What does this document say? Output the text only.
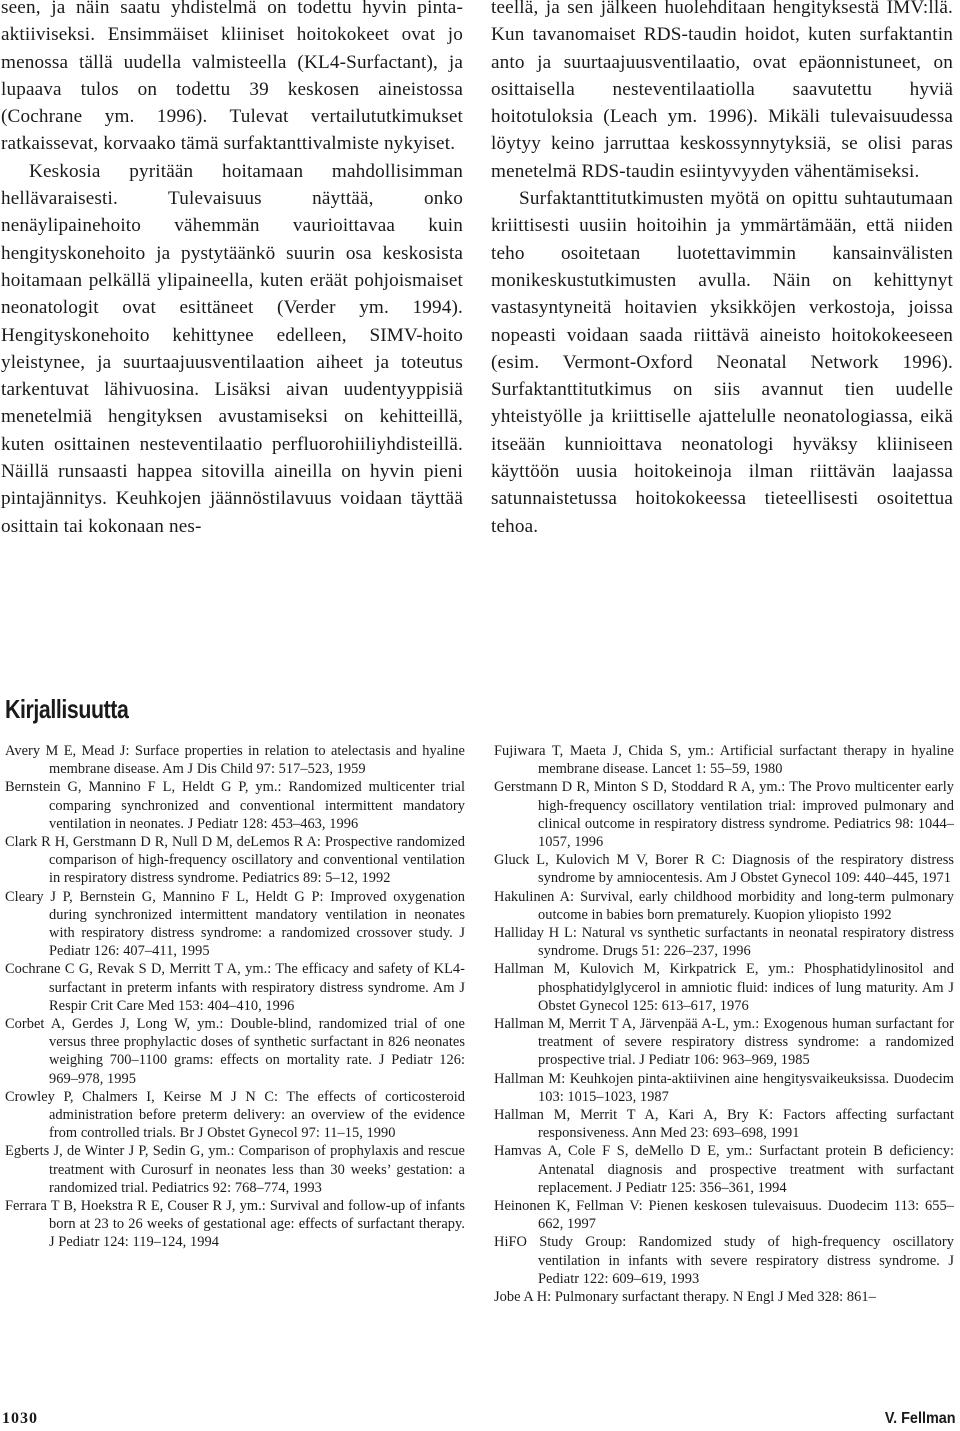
seen, ja näin saatu yhdistelmä on todettu hyvin pinta-aktiiviseksi. Ensimmäiset kliiniset hoitokokeet ovat jo menossa tällä uudella valmisteella (KL4-Surfactant), ja lupaava tulos on todettu 39 keskosen aineistossa (Cochrane ym. 1996). Tulevat vertailututkimukset ratkaissevat, korvaako tämä surfaktanttivalmiste nykyiset.

Keskosia pyritään hoitamaan mahdollisimman hellävaraisesti. Tulevaisuus näyttää, onko nenäylipainehoito vähemmän vaurioittavaa kuin hengityskonehoito ja pystytäänkö suurin osa keskosista hoitamaan pelkällä ylipaineella, kuten eräät pohjoismaiset neonatologit ovat esittäneet (Verder ym. 1994). Hengityskonehoito kehittynee edelleen, SIMV-hoito yleistynee, ja suurtaajuusventilaation aiheet ja toteutus tarkentuvat lähivuosina. Lisäksi aivan uudentyyppisiä menetelmiä hengityksen avustamiseksi on kehitteillä, kuten osittainen nesteventilaatio perfluorohiiliyhdisteillä. Näillä runsaasti happea sitovilla aineilla on hyvin pieni pintajännitys. Keuhkojen jäännöstilavuus voidaan täyttää osittain tai kokonaan nes-

teellä, ja sen jälkeen huolehditaan hengityksestä IMV:llä. Kun tavanomaiset RDS-taudin hoidot, kuten surfaktantin anto ja suurtaajuusventilaatio, ovat epäonnistuneet, on osittaisella nesteventilaatiolla saavutettu hyviä hoitotuloksia (Leach ym. 1996). Mikäli tulevaisuudessa löytyy keino jarruttaa keskossynnytyksiä, se olisi paras menetelmä RDS-taudin esiintyvyyden vähentämiseksi.

Surfaktanttitutkimusten myötä on opittu suhtautumaan kriittisesti uusiin hoitoihin ja ymmärtämään, että niiden teho osoitetaan luotettavimmin kansainvälisten monikeskustutkimusten avulla. Näin on kehittynyt vastasyntyneitä hoitavien yksikköjen verkostoja, joissa nopeasti voidaan saada riittävä aineisto hoitokokeeseen (esim. Vermont-Oxford Neonatal Network 1996). Surfaktanttitutkimus on siis avannut tien uudelle yhteistyölle ja kriittiselle ajattelulle neonatologiassa, eikä itseään kunnioittava neonatologi hyväksy kliiniseen käyttöön uusia hoitokeinoja ilman riittävän laajassa satunnaistetussa hoitokokeessa tieteellisesti osoitettua tehoa.

Kirjallisuutta

Avery M E, Mead J: Surface properties in relation to atelectasis and hyaline membrane disease. Am J Dis Child 97: 517–523, 1959

Bernstein G, Mannino F L, Heldt G P, ym.: Randomized multicenter trial comparing synchronized and conventional intermittent mandatory ventilation in neonates. J Pediatr 128: 453–463, 1996

Clark R H, Gerstmann D R, Null D M, deLemos R A: Prospective randomized comparison of high-frequency oscillatory and conventional ventilation in respiratory distress syndrome. Pediatrics 89: 5–12, 1992

Cleary J P, Bernstein G, Mannino F L, Heldt G P: Improved oxygenation during synchronized intermittent mandatory ventilation in neonates with respiratory distress syndrome: a randomized crossover study. J Pediatr 126: 407–411, 1995

Cochrane C G, Revak S D, Merritt T A, ym.: The efficacy and safety of KL4-surfactant in preterm infants with respiratory distress syndrome. Am J Respir Crit Care Med 153: 404–410, 1996

Corbet A, Gerdes J, Long W, ym.: Double-blind, randomized trial of one versus three prophylactic doses of synthetic surfactant in 826 neonates weighing 700–1100 grams: effects on mortality rate. J Pediatr 126: 969–978, 1995

Crowley P, Chalmers I, Keirse M J N C: The effects of corticosteroid administration before preterm delivery: an overview of the evidence from controlled trials. Br J Obstet Gynecol 97: 11–15, 1990

Egberts J, de Winter J P, Sedin G, ym.: Comparison of prophylaxis and rescue treatment with Curosurf in neonates less than 30 weeks’ gestation: a randomized trial. Pediatrics 92: 768–774, 1993

Ferrara T B, Hoekstra R E, Couser R J, ym.: Survival and follow-up of infants born at 23 to 26 weeks of gestational age: effects of surfactant therapy. J Pediatr 124: 119–124, 1994

Fujiwara T, Maeta J, Chida S, ym.: Artificial surfactant therapy in hyaline membrane disease. Lancet 1: 55–59, 1980

Gerstmann D R, Minton S D, Stoddard R A, ym.: The Provo multicenter early high-frequency oscillatory ventilation trial: improved pulmonary and clinical outcome in respiratory distress syndrome. Pediatrics 98: 1044–1057, 1996

Gluck L, Kulovich M V, Borer R C: Diagnosis of the respiratory distress syndrome by amniocentesis. Am J Obstet Gynecol 109: 440–445, 1971

Hakulinen A: Survival, early childhood morbidity and long-term pulmonary outcome in babies born prematurely. Kuopion yliopisto 1992

Halliday H L: Natural vs synthetic surfactants in neonatal respiratory distress syndrome. Drugs 51: 226–237, 1996

Hallman M, Kulovich M, Kirkpatrick E, ym.: Phosphatidylinositol and phosphatidylglycerol in amniotic fluid: indices of lung maturity. Am J Obstet Gynecol 125: 613–617, 1976

Hallman M, Merrit T A, Järvenpää A-L, ym.: Exogenous human surfactant for treatment of severe respiratory distress syndrome: a randomized prospective trial. J Pediatr 106: 963–969, 1985

Hallman M: Keuhkojen pinta-aktiivinen aine hengitysvaikeuksissa. Duodecim 103: 1015–1023, 1987

Hallman M, Merrit T A, Kari A, Bry K: Factors affecting surfactant responsiveness. Ann Med 23: 693–698, 1991

Hamvas A, Cole F S, deMello D E, ym.: Surfactant protein B deficiency: Antenatal diagnosis and prospective treatment with surfactant replacement. J Pediatr 125: 356–361, 1994

Heinonen K, Fellman V: Pienen keskosen tulevaisuus. Duodecim 113: 655–662, 1997

HiFO Study Group: Randomized study of high-frequency oscillatory ventilation in infants with severe respiratory distress syndrome. J Pediatr 122: 609–619, 1993

Jobe A H: Pulmonary surfactant therapy. N Engl J Med 328: 861–

1030	V. Fellman
